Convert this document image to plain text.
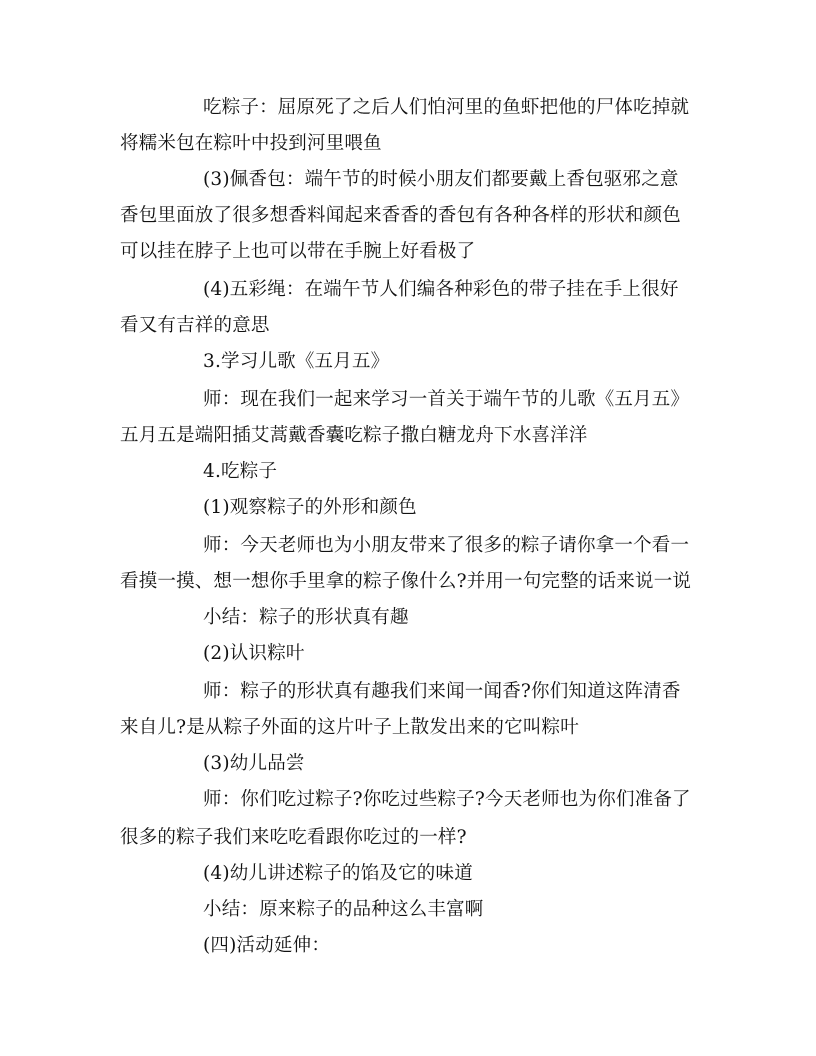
吃粽子：屈原死了之后人们怕河里的鱼虾把他的尸体吃掉就
将糯米包在粽叶中投到河里喂鱼
(3)佩香包：端午节的时候小朋友们都要戴上香包驱邪之意
香包里面放了很多想香料闻起来香香的香包有各种各样的形状和颜色
可以挂在脖子上也可以带在手腕上好看极了
(4)五彩绳：在端午节人们编各种彩色的带子挂在手上很好
看又有吉祥的意思
3.学习儿歌《五月五》
师：现在我们一起来学习一首关于端午节的儿歌《五月五》
五月五是端阳插艾蒿戴香囊吃粽子撒白糖龙舟下水喜洋洋
4.吃粽子
(1)观察粽子的外形和颜色
师：今天老师也为小朋友带来了很多的粽子请你拿一个看一
看摸一摸、想一想你手里拿的粽子像什么?并用一句完整的话来说一说
小结：粽子的形状真有趣
(2)认识粽叶
师：粽子的形状真有趣我们来闻一闻香?你们知道这阵清香
来自儿?是从粽子外面的这片叶子上散发出来的它叫粽叶
(3)幼儿品尝
师：你们吃过粽子?你吃过些粽子?今天老师也为你们准备了
很多的粽子我们来吃吃看跟你吃过的一样?
(4)幼儿讲述粽子的馅及它的味道
小结：原来粽子的品种这么丰富啊
(四)活动延伸：
